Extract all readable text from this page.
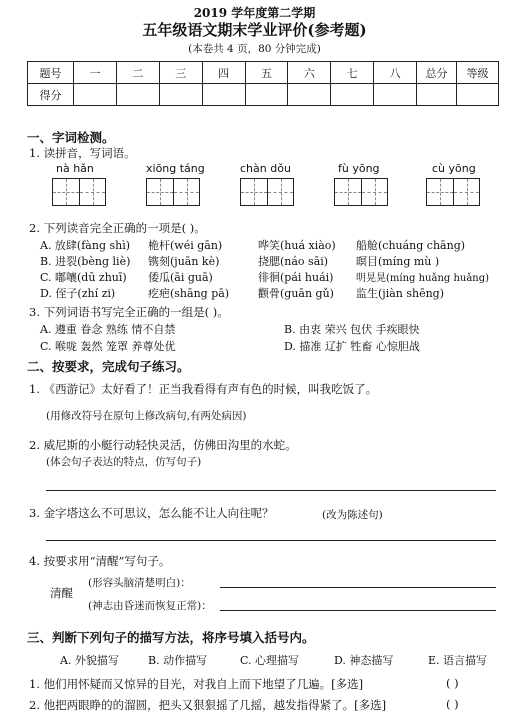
2019 学年度第二学期
五年级语文期末学业评价(参考题)
(本卷共 4 页，80 分钟完成)
题号	一	二	三	四	五	六	七	八	总分	等级
得分										
一、字词检测。
1. 读拼音，写词语。
nà hǎn	xiōng táng	chàn dǒu	fù yōng	cù yōng
2. 下列读音完全正确的一项是( )。
A. 放肆(fàng shì) 桅杆(wéi gān)	哗笑(huá xiào) 船舱(chuáng chāng)
B. 进裂(bèng liè) 镌刻(juān kè)	挠腮(náo sāi)	暝目(míng mù )
C. 嘟嚷(dū zhuī) 倭瓜(āi guā)	徘徊(pái huái) 明晃晃(míng huǎng huǎng)
D. 侄子(zhí zi)	疙疤(shāng pā)	颧骨(guān gǔ) 监生(jiàn shēng)
3. 下列词语书写完全正确的一组是( )。
A. 遵重 眷念 熟练 情不自禁	B. 由衷 荣兴 包伏 手疾眼快
C. 喉咙 轰然 笼罩 养尊处优	D. 描准 辽扩 牲畜 心惊胆战
二、按要求，完成句子练习。
1. 《西游记》太好看了！正当我看得有声有色的时候，叫我吃饭了。
(用修改符号在原句上修改病句,有两处病因)
2. 威尼斯的小艇行动轻快灵活，仿佛田沟里的水蛇。
(体会句子表达的特点，仿写句子)
3. 金字塔这么不可思议，怎么能不让人向往呢？	(改为陈述句)
4. 按要求用“清醒”写句子。
清醒
(形容头脑清楚明白)：
(神志由昏迷而恢复正常)：
三、判断下列句子的描写方法，将序号填入括号内。
A. 外貌描写	B. 动作描写	C. 心理描写	D. 神态描写	E. 语言描写
1. 他们用怀疑而又惊异的目光，对我自上而下地望了几遍。[多选]	( )
2. 他把两眼睁的的溜圆，把头又狠狠摇了几摇，越发指得紧了。[多选]	( )
